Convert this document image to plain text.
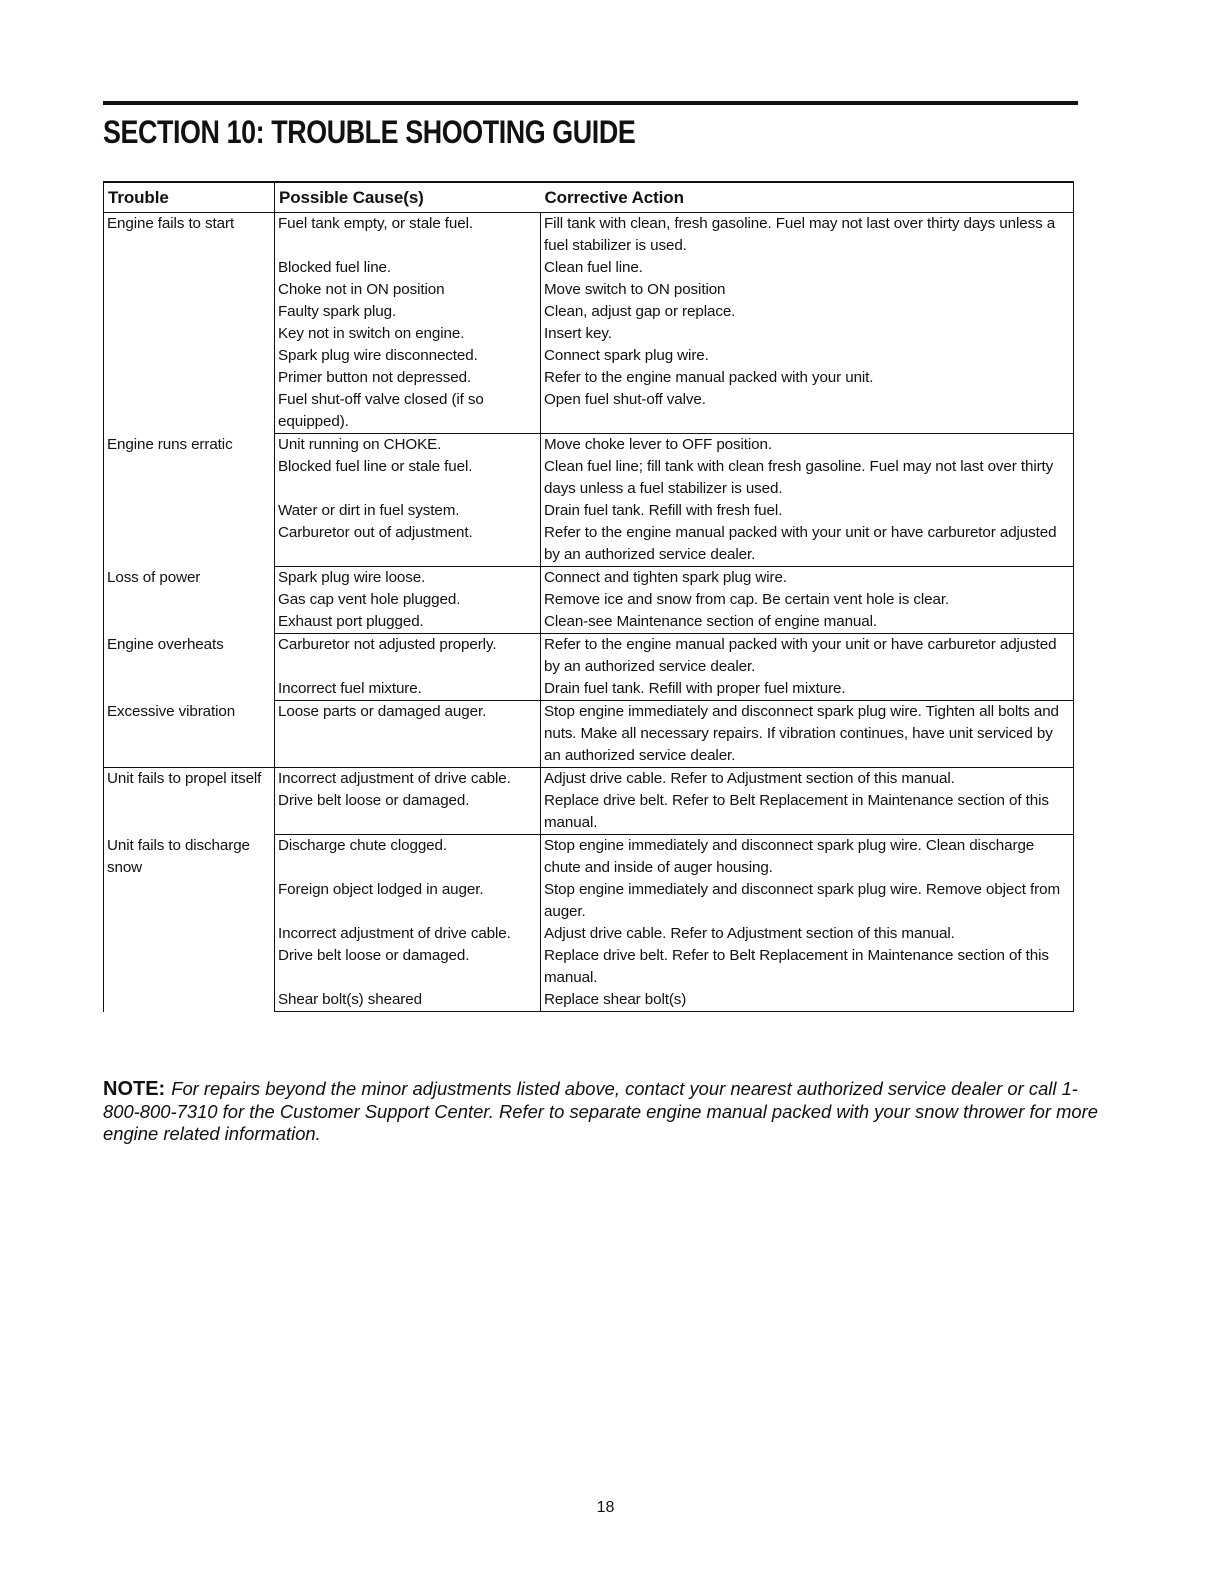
SECTION 10: TROUBLE SHOOTING GUIDE
Trouble	Possible Cause(s)	Corrective Action
Engine fails to start	Fuel tank empty, or stale fuel.	Fill tank with clean, fresh gasoline. Fuel may not last over thirty days unless a fuel stabilizer is used.
	Blocked fuel line.	Clean fuel line.
	Choke not in ON position	Move switch to ON position
	Faulty spark plug.	Clean, adjust gap or replace.
	Key not in switch on engine.	Insert key.
	Spark plug wire disconnected.	Connect spark plug wire.
	Primer button not depressed.	Refer to the engine manual packed with your unit.
	Fuel shut-off valve closed (if so equipped).	Open fuel shut-off valve.
Engine runs erratic	Unit running on CHOKE.	Move choke lever to OFF position.
	Blocked fuel line or stale fuel.	Clean fuel line; fill tank with clean fresh gasoline. Fuel may not last over thirty days unless a fuel stabilizer is used.
	Water or dirt in fuel system.	Drain fuel tank. Refill with fresh fuel.
	Carburetor out of adjustment.	Refer to the engine manual packed with your unit or have carburetor adjusted by an authorized service dealer.
Loss of power	Spark plug wire loose.	Connect and tighten spark plug wire.
	Gas cap vent hole plugged.	Remove ice and snow from cap. Be certain vent hole is clear.
	Exhaust port plugged.	Clean-see Maintenance section of engine manual.
Engine overheats	Carburetor not adjusted properly.	Refer to the engine manual packed with your unit or have carburetor adjusted by an authorized service dealer.
	Incorrect fuel mixture.	Drain fuel tank. Refill with proper fuel mixture.
Excessive vibration	Loose parts or damaged auger.	Stop engine immediately and disconnect spark plug wire. Tighten all bolts and nuts. Make all necessary repairs. If vibration continues, have unit serviced by an authorized service dealer.
Unit fails to propel itself	Incorrect adjustment of drive cable.	Adjust drive cable. Refer to Adjustment section of this manual.
	Drive belt loose or damaged.	Replace drive belt. Refer to Belt Replacement in Maintenance section of this manual.
Unit fails to discharge snow	Discharge chute clogged.	Stop engine immediately and disconnect spark plug wire. Clean discharge chute and inside of auger housing.
	Foreign object lodged in auger.	Stop engine immediately and disconnect spark plug wire. Remove object from auger.
	Incorrect adjustment of drive cable.	Adjust drive cable. Refer to Adjustment section of this manual.
	Drive belt loose or damaged.	Replace drive belt. Refer to Belt Replacement in Maintenance section of this manual.
	Shear bolt(s) sheared	Replace shear bolt(s)

NOTE: For repairs beyond the minor adjustments listed above, contact your nearest authorized service dealer or call 1-800-800-7310 for the Customer Support Center. Refer to separate engine manual packed with your snow thrower for more engine related information.

18
